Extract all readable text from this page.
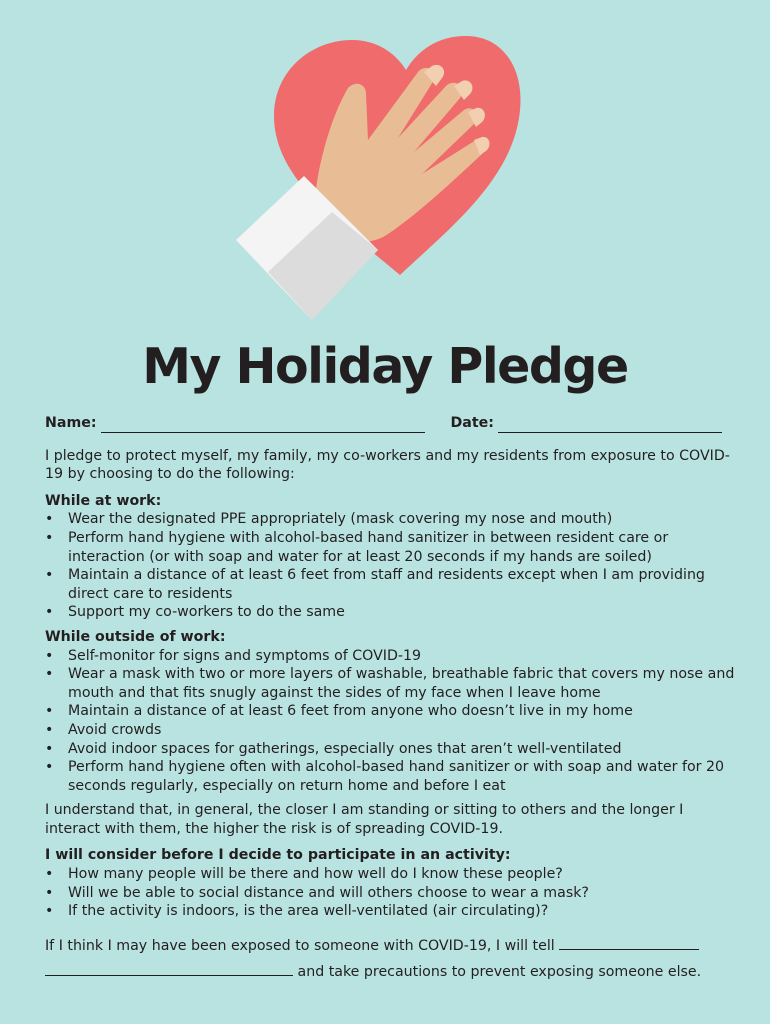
My Holiday Pledge
Name:	Date:

I pledge to protect myself, my family, my co-workers and my residents from exposure to COVID-19 by choosing to do the following:

While at work:

• Wear the designated PPE appropriately (mask covering my nose and mouth)
• Perform hand hygiene with alcohol-based hand sanitizer in between resident care or interaction (or with soap and water for at least 20 seconds if my hands are soiled)
• Maintain a distance of at least 6 feet from staff and residents except when I am providing direct care to residents
• Support my co-workers to do the same

While outside of work:

• Self-monitor for signs and symptoms of COVID-19
• Wear a mask with two or more layers of washable, breathable fabric that covers my nose and mouth and that fits snugly against the sides of my face when I leave home
• Maintain a distance of at least 6 feet from anyone who doesn’t live in my home
• Avoid crowds
• Avoid indoor spaces for gatherings, especially ones that aren’t well-ventilated
• Perform hand hygiene often with alcohol-based hand sanitizer or with soap and water for 20 seconds regularly, especially on return home and before I eat

I understand that, in general, the closer I am standing or sitting to others and the longer I interact with them, the higher the risk is of spreading COVID-19.

I will consider before I decide to participate in an activity:

• How many people will be there and how well do I know these people?
• Will we be able to social distance and will others choose to wear a mask?
• If the activity is indoors, is the area well-ventilated (air circulating)?

If I think I may have been exposed to someone with COVID-19, I will tell   and take precautions to prevent exposing someone else.
